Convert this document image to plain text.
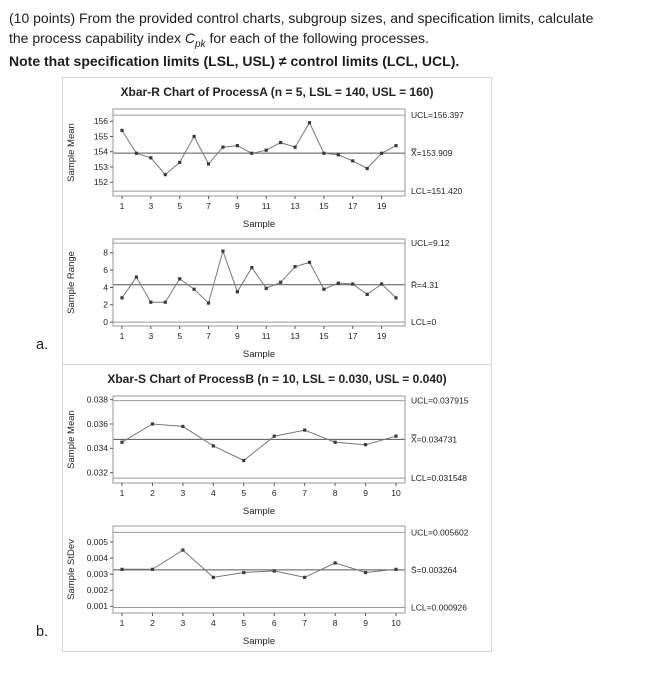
(10 points) From the provided control charts, subgroup sizes, and specification limits, calculate

the process capability index $C_{pk}$ for each of the following processes.

Note that specification limits (LSL, USL) ≠ control limits (LCL, UCL).

a.
Xbar-R Chart of ProcessA (n = 5, LSL = 140, USL = 160)
152
153
154
155
156
1	3	5	7	9	11 13 15 17 19
Sample
Sample Mean
UCL=156.397
X̿=153.909
LCL=151.420
0
2
4
6
8
1	3	5	7	9	11 13 15 17 19
Sample
Sample Range
UCL=9.12
R̄=4.31
LCL=0
b.
Xbar-S Chart of ProcessB (n = 10, LSL = 0.030, USL = 0.040)
0.032
0.034
0.036
0.038
1	2	3	4	5	6	7	8	9	10
Sample
Sample Mean
UCL=0.037915
X̿=0.034731
LCL=0.031548
0.001
0.002
0.003
0.004
0.005
1	2	3	4	5	6	7	8	9	10
Sample
Sample StDev
UCL=0.005602
S̄=0.003264
LCL=0.000926
